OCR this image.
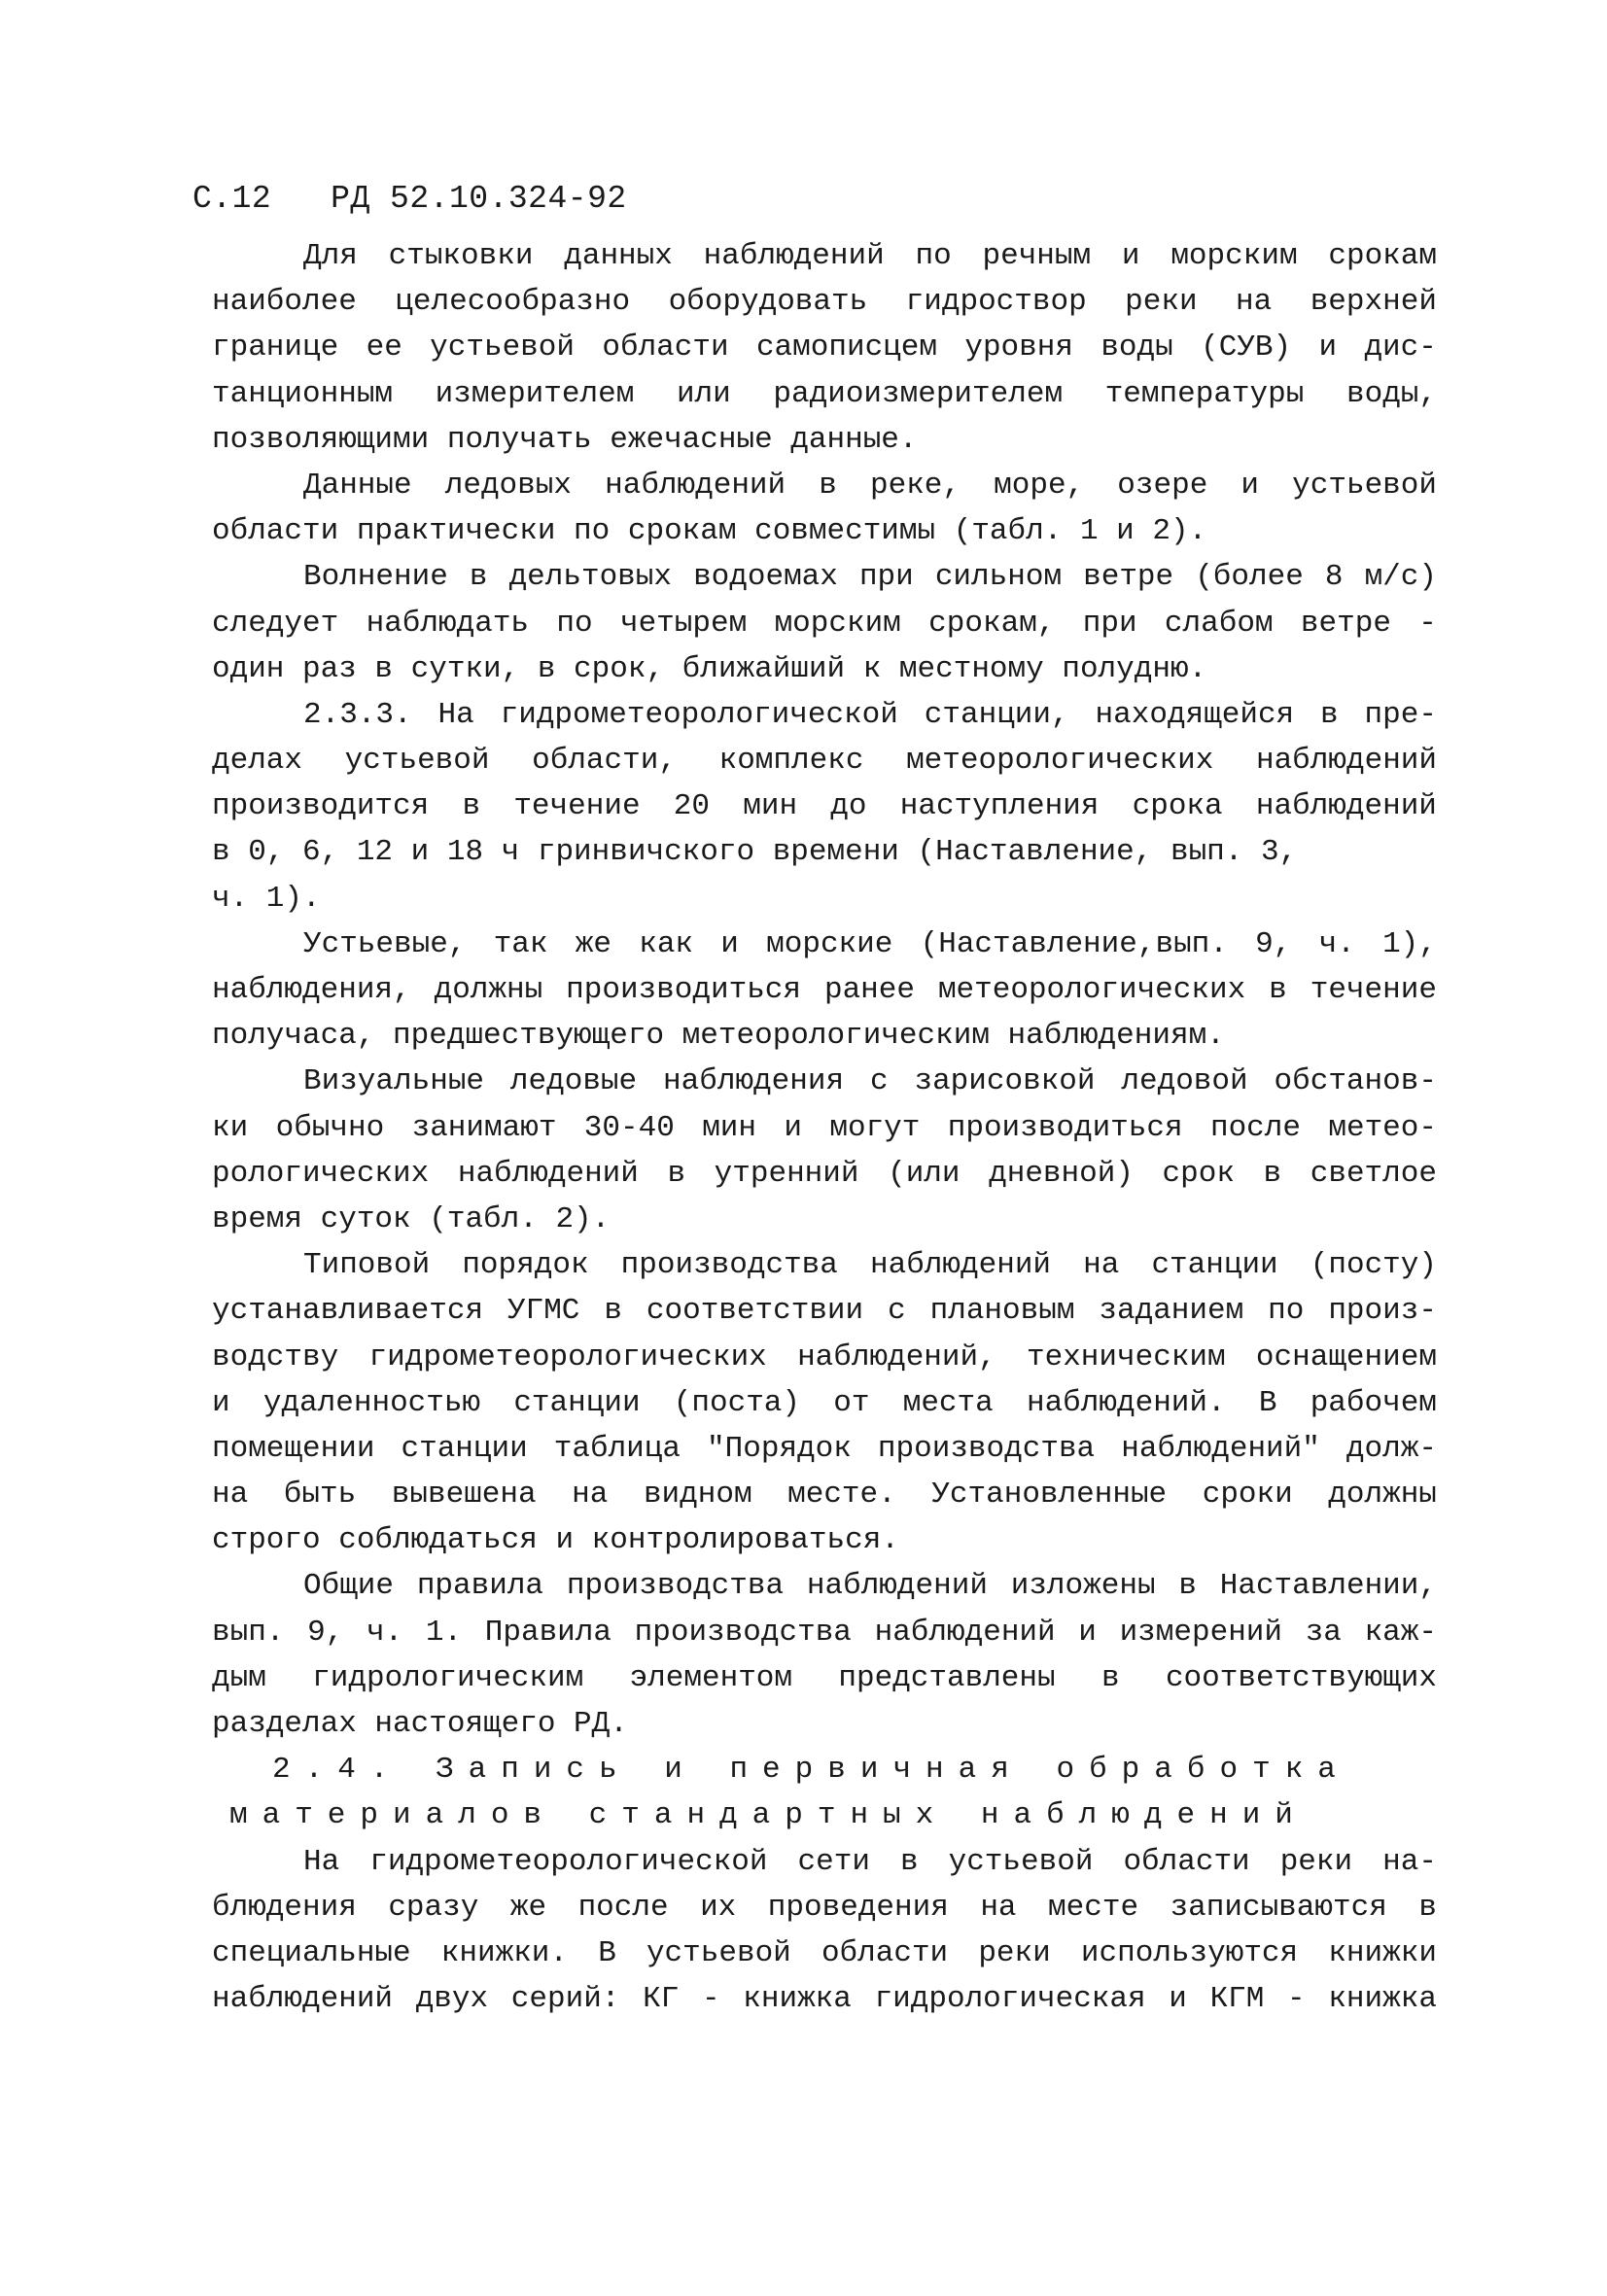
С.12 РД 52.10.324-92
Для стыковки данных наблюдений по речным и морским срокам
наиболее целесообразно оборудовать гидроствор реки на верхней
границе ее устьевой области самописцем уровня воды (СУВ) и дис-
танционным измерителем или радиоизмерителем температуры воды,
позволяющими получать ежечасные данные.
Данные ледовых наблюдений в реке, море, озере и устьевой
области практически по срокам совместимы (табл. 1 и 2).
Волнение в дельтовых водоемах при сильном ветре (более 8 м/с)
следует наблюдать по четырем морским срокам, при слабом ветре -
один раз в сутки, в срок, ближайший к местному полудню.
2.3.3. На гидрометеорологической станции, находящейся в пре-
делах устьевой области, комплекс метеорологических наблюдений
производится в течение 20 мин до наступления срока наблюдений
в 0, 6, 12 и 18 ч гринвичского времени (Наставление, вып. 3,
ч. 1).
Устьевые, так же как и морские (Наставление,вып. 9, ч. 1),
наблюдения, должны производиться ранее метеорологических в течение
получаса, предшествующего метеорологическим наблюдениям.
Визуальные ледовые наблюдения с зарисовкой ледовой обстанов-
ки обычно занимают 30-40 мин и могут производиться после метео-
рологических наблюдений в утренний (или дневной) срок в светлое
время суток (табл. 2).
Типовой порядок производства наблюдений на станции (посту)
устанавливается УГМС в соответствии с плановым заданием по произ-
водству гидрометеорологических наблюдений, техническим оснащением
и удаленностью станции (поста) от места наблюдений. В рабочем
помещении станции таблица "Порядок производства наблюдений" долж-
на быть вывешена на видном месте. Установленные сроки должны
строго соблюдаться и контролироваться.
Общие правила производства наблюдений изложены в Наставлении,
вып. 9, ч. 1. Правила производства наблюдений и измерений за каж-
дым гидрологическим элементом представлены в соответствующих
разделах настоящего РД.
2.4. Запись и первичная обработка
материалов стандартных наблюдений
На гидрометеорологической сети в устьевой области реки на-
блюдения сразу же после их проведения на месте записываются в
специальные книжки. В устьевой области реки используются книжки
наблюдений двух серий: КГ - книжка гидрологическая и КГМ - книжка
